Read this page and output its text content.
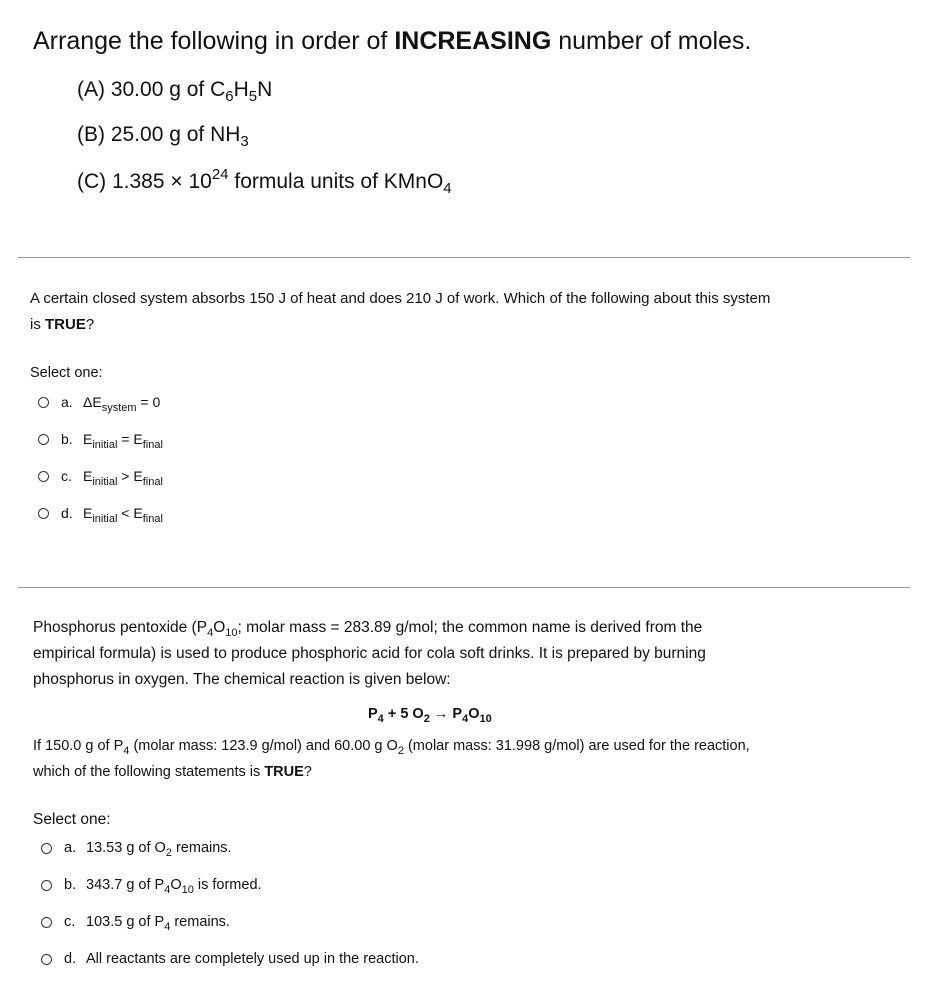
Arrange the following in order of INCREASING number of moles.
(A) 30.00 g of $C_6H_5N$
(B) 25.00 g of $NH_3$
(C) $1.385 \times 10^{24}$ formula units of KMnO$_4$
A certain closed system absorbs 150 J of heat and does 210 J of work. Which of the following about this system
is TRUE?
Select one:
a. $\Delta E_{system} = 0$
b. $E_{initial} = E_{final}$
c. $E_{initial} > E_{final}$
d. $E_{initial} < E_{final}$
Phosphorus pentoxide ($P_4O_{10}$; molar mass = 283.89 g/mol; the common name is derived from the
empirical formula) is used to produce phosphoric acid for cola soft drinks. It is prepared by burning
phosphorus in oxygen. The chemical reaction is given below:
$P_4 + 5$ $O_2 \to P_4O_{10}$
If 150.0 g of $P_4$ (molar mass: 123.9 g/mol) and 60.00 g $O_2$ (molar mass: 31.998 g/mol) are used for the reaction,
which of the following statements is TRUE?
Select one:
a. 13.53 g of $O_2$ remains.
b. 343.7 g of $P_4O_{10}$ is formed.
c. 103.5 g of $P_4$ remains.
d. All reactants are completely used up in the reaction.
